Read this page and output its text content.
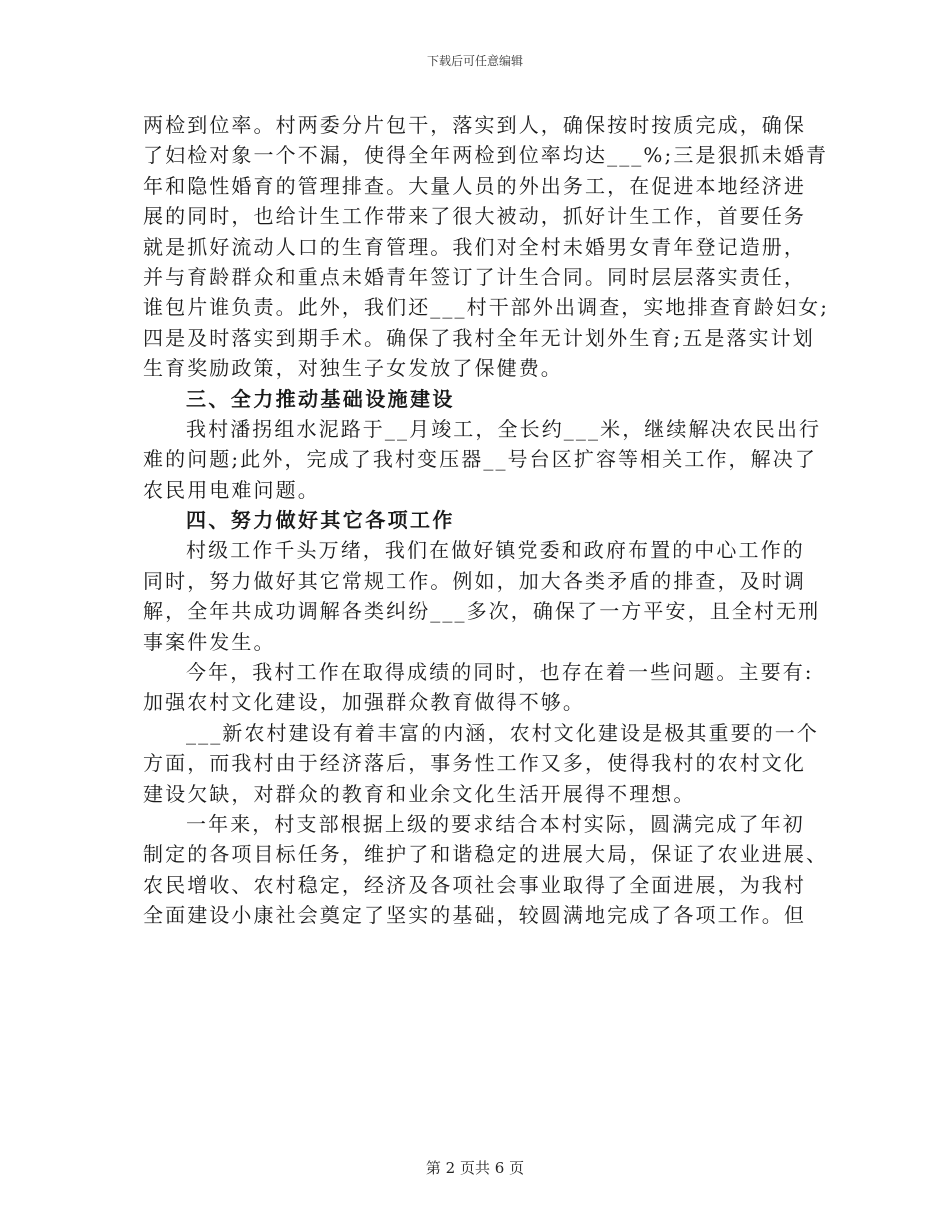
下载后可任意编辑
两检到位率。村两委分片包干，落实到人，确保按时按质完成，确保
了妇检对象一个不漏，使得全年两检到位率均达___%;三是狠抓未婚青
年和隐性婚育的管理排查。大量人员的外出务工，在促进本地经济进
展的同时，也给计生工作带来了很大被动，抓好计生工作，首要任务
就是抓好流动人口的生育管理。我们对全村未婚男女青年登记造册，
并与育龄群众和重点未婚青年签订了计生合同。同时层层落实责任，
谁包片谁负责。此外，我们还___村干部外出调查，实地排查育龄妇女;
四是及时落实到期手术。确保了我村全年无计划外生育;五是落实计划
生育奖励政策，对独生子女发放了保健费。
三、全力推动基础设施建设
我村潘拐组水泥路于__月竣工，全长约___米，继续解决农民出行
难的问题;此外，完成了我村变压器__号台区扩容等相关工作，解决了
农民用电难问题。
四、努力做好其它各项工作
村级工作千头万绪，我们在做好镇党委和政府布置的中心工作的
同时，努力做好其它常规工作。例如，加大各类矛盾的排查，及时调
解，全年共成功调解各类纠纷___多次，确保了一方平安，且全村无刑
事案件发生。
今年，我村工作在取得成绩的同时，也存在着一些问题。主要有:
加强农村文化建设，加强群众教育做得不够。
___新农村建设有着丰富的内涵，农村文化建设是极其重要的一个
方面，而我村由于经济落后，事务性工作又多，使得我村的农村文化
建设欠缺，对群众的教育和业余文化生活开展得不理想。
一年来，村支部根据上级的要求结合本村实际，圆满完成了年初
制定的各项目标任务，维护了和谐稳定的进展大局，保证了农业进展、
农民增收、农村稳定，经济及各项社会事业取得了全面进展，为我村
全面建设小康社会奠定了坚实的基础，较圆满地完成了各项工作。但
第 2 页共 6 页
